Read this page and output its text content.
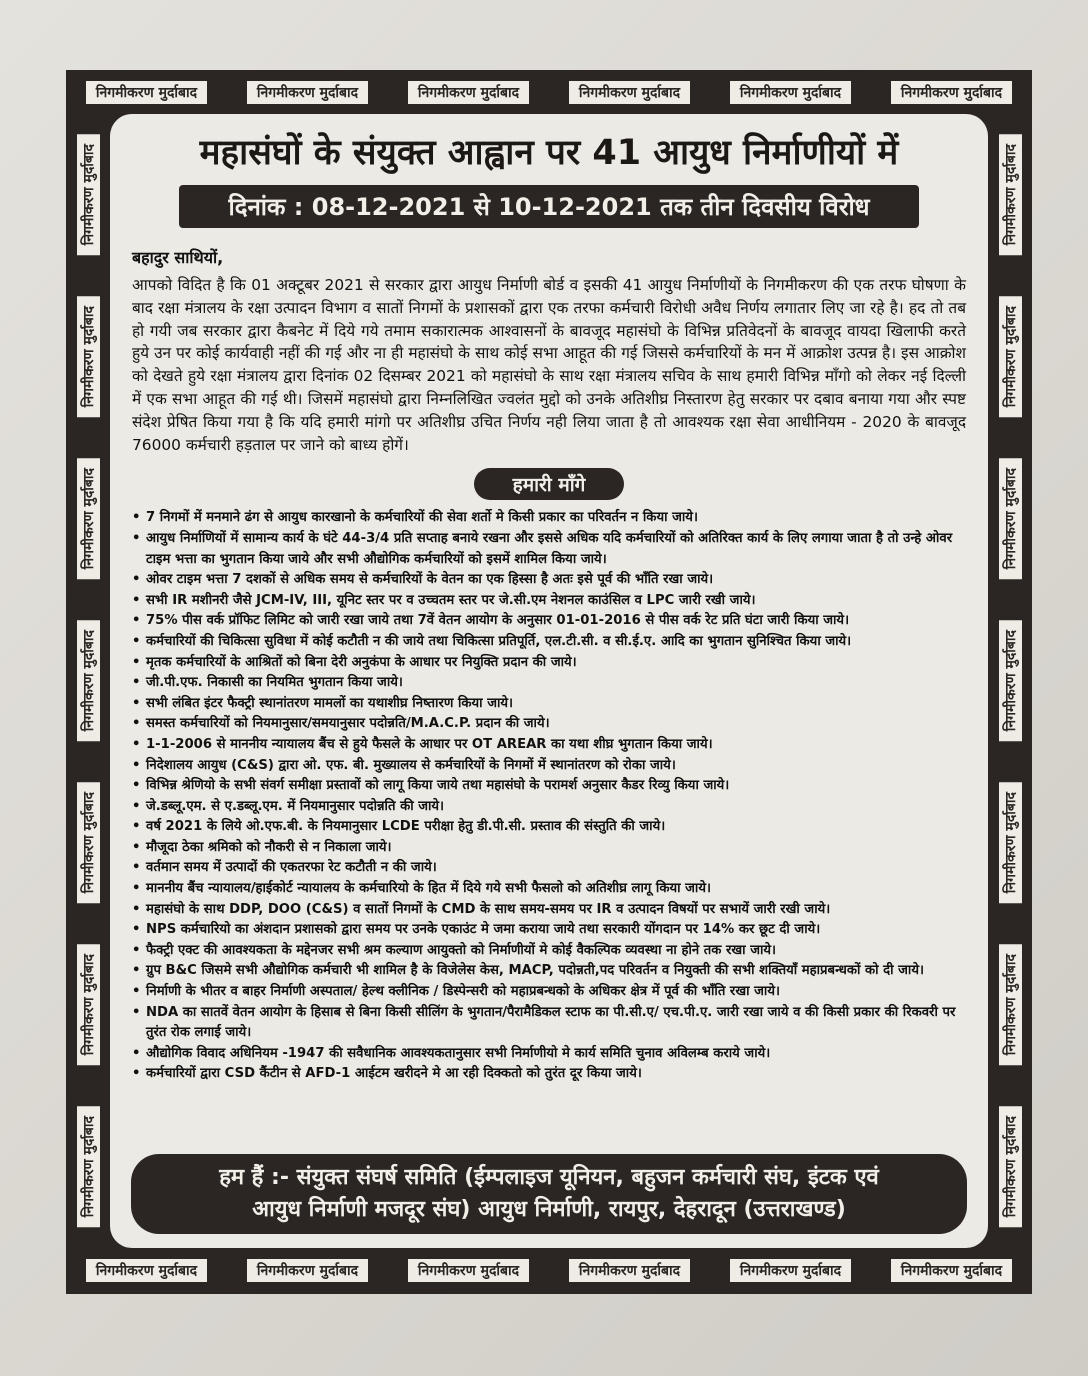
निगमीकरण मुर्दाबाद	निगमीकरण मुर्दाबाद	निगमीकरण मुर्दाबाद	निगमीकरण मुर्दाबाद	निगमीकरण मुर्दाबाद	निगमीकरण मुर्दाबाद
निगमीकरण मुर्दाबाद	निगमीकरण मुर्दाबाद	निगमीकरण मुर्दाबाद	निगमीकरण मुर्दाबाद	निगमीकरण मुर्दाबाद	निगमीकरण मुर्दाबाद
निगमीकरण मुर्दाबाद
निगमीकरण मुर्दाबाद
निगमीकरण मुर्दाबाद
निगमीकरण मुर्दाबाद
निगमीकरण मुर्दाबाद
निगमीकरण मुर्दाबाद
निगमीकरण मुर्दाबाद
निगमीकरण मुर्दाबाद
निगमीकरण मुर्दाबाद
निगमीकरण मुर्दाबाद
निगमीकरण मुर्दाबाद
निगमीकरण मुर्दाबाद
निगमीकरण मुर्दाबाद
निगमीकरण मुर्दाबाद
महासंघों के संयुक्त आह्वान पर 41 आयुध निर्माणीयों में
दिनांक : 08-12-2021 से 10-12-2021 तक तीन दिवसीय विरोध
बहादुर साथियों,
आपको विदित है कि 01 अक्टूबर 2021 से सरकार द्वारा आयुध निर्माणी बोर्ड व इसकी 41 आयुध निर्माणीयों के निगमीकरण की एक तरफ घोषणा के बाद रक्षा मंत्रालय के रक्षा उत्पादन विभाग व सातों निगमों के प्रशासकों द्वारा एक तरफा कर्मचारी विरोधी अवैध निर्णय लगातार लिए जा रहे है। हद तो तब हो गयी जब सरकार द्वारा कैबनेट में दिये गये तमाम सकारात्मक आश्वासनों के बावजूद महासंघो के विभिन्न प्रतिवेदनों के बावजूद वायदा खिलाफी करते हुये उन पर कोई कार्यवाही नहीं की गई और ना ही महासंघो के साथ कोई सभा आहूत की गई जिससे कर्मचारियों के मन में आक्रोश उत्पन्न है। इस आक्रोश को देखते हुये रक्षा मंत्रालय द्वारा दिनांक 02 दिसम्बर 2021 को महासंघो के साथ रक्षा मंत्रालय सचिव के साथ हमारी विभिन्न माँगो को लेकर नई दिल्ली में एक सभा आहूत की गई थी। जिसमें महासंघो द्वारा निम्नलिखित ज्वलंत मुद्दो को उनके अतिशीघ्र निस्तारण हेतु सरकार पर दबाव बनाया गया और स्पष्ट संदेश प्रेषित किया गया है कि यदि हमारी मांगो पर अतिशीघ्र उचित निर्णय नही लिया जाता है तो आवश्यक रक्षा सेवा आधीनियम - 2020 के बावजूद 76000 कर्मचारी हड़ताल पर जाने को बाध्य होगें।
हमारी माँगे
• 7 निगमों में मनमाने ढंग से आयुध कारखानो के कर्मचारियों की सेवा शर्तो मे किसी प्रकार का परिवर्तन न किया जाये।
• आयुध निर्माणियों में सामान्य कार्य के घंटे 44-3/4 प्रति सप्ताह बनाये रखना और इससे अधिक यदि कर्मचारियों को अतिरिक्त कार्य के लिए लगाया जाता है तो उन्हे ओवर टाइम भत्ता का भुगतान किया जाये और सभी औद्योगिक कर्मचारियों को इसमें शामिल किया जाये।
• ओवर टाइम भत्ता 7 दशकों से अधिक समय से कर्मचारियों के वेतन का एक हिस्सा है अतः इसे पूर्व की भाँति रखा जाये।
• सभी IR मशीनरी जैसे JCM-IV, III, यूनिट स्तर पर व उच्चतम स्तर पर जे.सी.एम नेशनल काउंसिल व LPC जारी रखी जाये।
• 75% पीस वर्क प्रॉफिट लिमिट को जारी रखा जाये तथा 7वें वेतन आयोग के अनुसार 01-01-2016 से पीस वर्क रेट प्रति घंटा जारी किया जाये।
• कर्मचारियों की चिकित्सा सुविधा में कोई कटौती न की जाये तथा चिकित्सा प्रतिपूर्ति, एल.टी.सी. व सी.ई.ए. आदि का भुगतान सुनिश्चित किया जाये।
• मृतक कर्मचारियों के आश्रितों को बिना देरी अनुकंपा के आधार पर नियुक्ति प्रदान की जाये।
• जी.पी.एफ. निकासी का नियमित भुगतान किया जाये।
• सभी लंबित इंटर फैक्ट्री स्थानांतरण मामलों का यथाशीघ्र निष्तारण किया जाये।
• समस्त कर्मचारियों को नियमानुसार/समयानुसार पदोन्नति/M.A.C.P. प्रदान की जाये।
• 1-1-2006 से माननीय न्यायालय बैंच से हुये फैसले के आधार पर OT AREAR का यथा शीघ्र भुगतान किया जाये।
• निदेशालय आयुध (C&S) द्वारा ओ. एफ. बी. मुख्यालय से कर्मचारियों के निगमों में स्थानांतरण को रोका जाये।
• विभिन्न श्रेणियो के सभी संवर्ग समीक्षा प्रस्तावों को लागू किया जाये तथा महासंघो के परामर्श अनुसार कैडर रिव्यु किया जाये।
• जे.डब्लू.एम. से ए.डब्लू.एम. में नियमानुसार पदोन्नति की जाये।
• वर्ष 2021 के लिये ओ.एफ.बी. के नियमानुसार LCDE परीक्षा हेतु डी.पी.सी. प्रस्ताव की संस्तुति की जाये।
• मौजूदा ठेका श्रमिको को नौकरी से न निकाला जाये।
• वर्तमान समय में उत्पादों की एकतरफा रेट कटौती न की जाये।
• माननीय बैंच न्यायालय/हाईकोर्ट न्यायालय के कर्मचारियो के हित में दिये गये सभी फैसलो को अतिशीघ्र लागू किया जाये।
• महासंघो के साथ DDP, DOO (C&S) व सातों निगमों के CMD के साथ समय-समय पर IR व उत्पादन विषयों पर सभायें जारी रखी जाये।
• NPS कर्मचारियो का अंशदान प्रशासको द्वारा समय पर उनके एकाउंट मे जमा कराया जाये तथा सरकारी योंगदान पर 14% कर छूट दी जाये।
• फैक्ट्री एक्ट की आवश्यकता के मद्देनजर सभी श्रम कल्याण आयुक्तो को निर्माणीयों मे कोई वैकल्पिक व्यवस्था ना होने तक रखा जाये।
• ग्रुप B&C जिसमे सभी औद्योगिक कर्मचारी भी शामिल है के विजेलेस केस, MACP, पदोन्नती,पद परिवर्तन व नियुक्ती की सभी शक्तियाँ महाप्रबन्धकों को दी जाये।
• निर्माणी के भीतर व बाहर निर्माणी अस्पताल/ हेल्थ क्लीनिक / डिस्पेन्सरी को महाप्रबन्धको के अधिकर क्षेत्र में पूर्व की भाँति रखा जाये।
• NDA का सातवें वेतन आयोग के हिसाब से बिना किसी सीलिंग के भुगतान/पैरामैडिकल स्टाफ का पी.सी.ए/ एच.पी.ए. जारी रखा जाये व की किसी प्रकार की रिकवरी पर तुरंत रोक लगाई जाये।
• औद्योगिक विवाद अधिनियम -1947 की सवैधानिक आवश्यकतानुसार सभी निर्माणीयो मे कार्य समिति चुनाव अविलम्ब कराये जाये।
• कर्मचारियों द्वारा CSD कैंटीन से AFD-1 आईटम खरीदने मे आ रही दिक्कतो को तुरंत दूर किया जाये।
हम हैं :- संयुक्त संघर्ष समिति (ईम्पलाइज यूनियन, बहुजन कर्मचारी संघ, इंटक एवं
आयुध निर्माणी मजदूर संघ) आयुध निर्माणी, रायपुर, देहरादून (उत्तराखण्ड)
